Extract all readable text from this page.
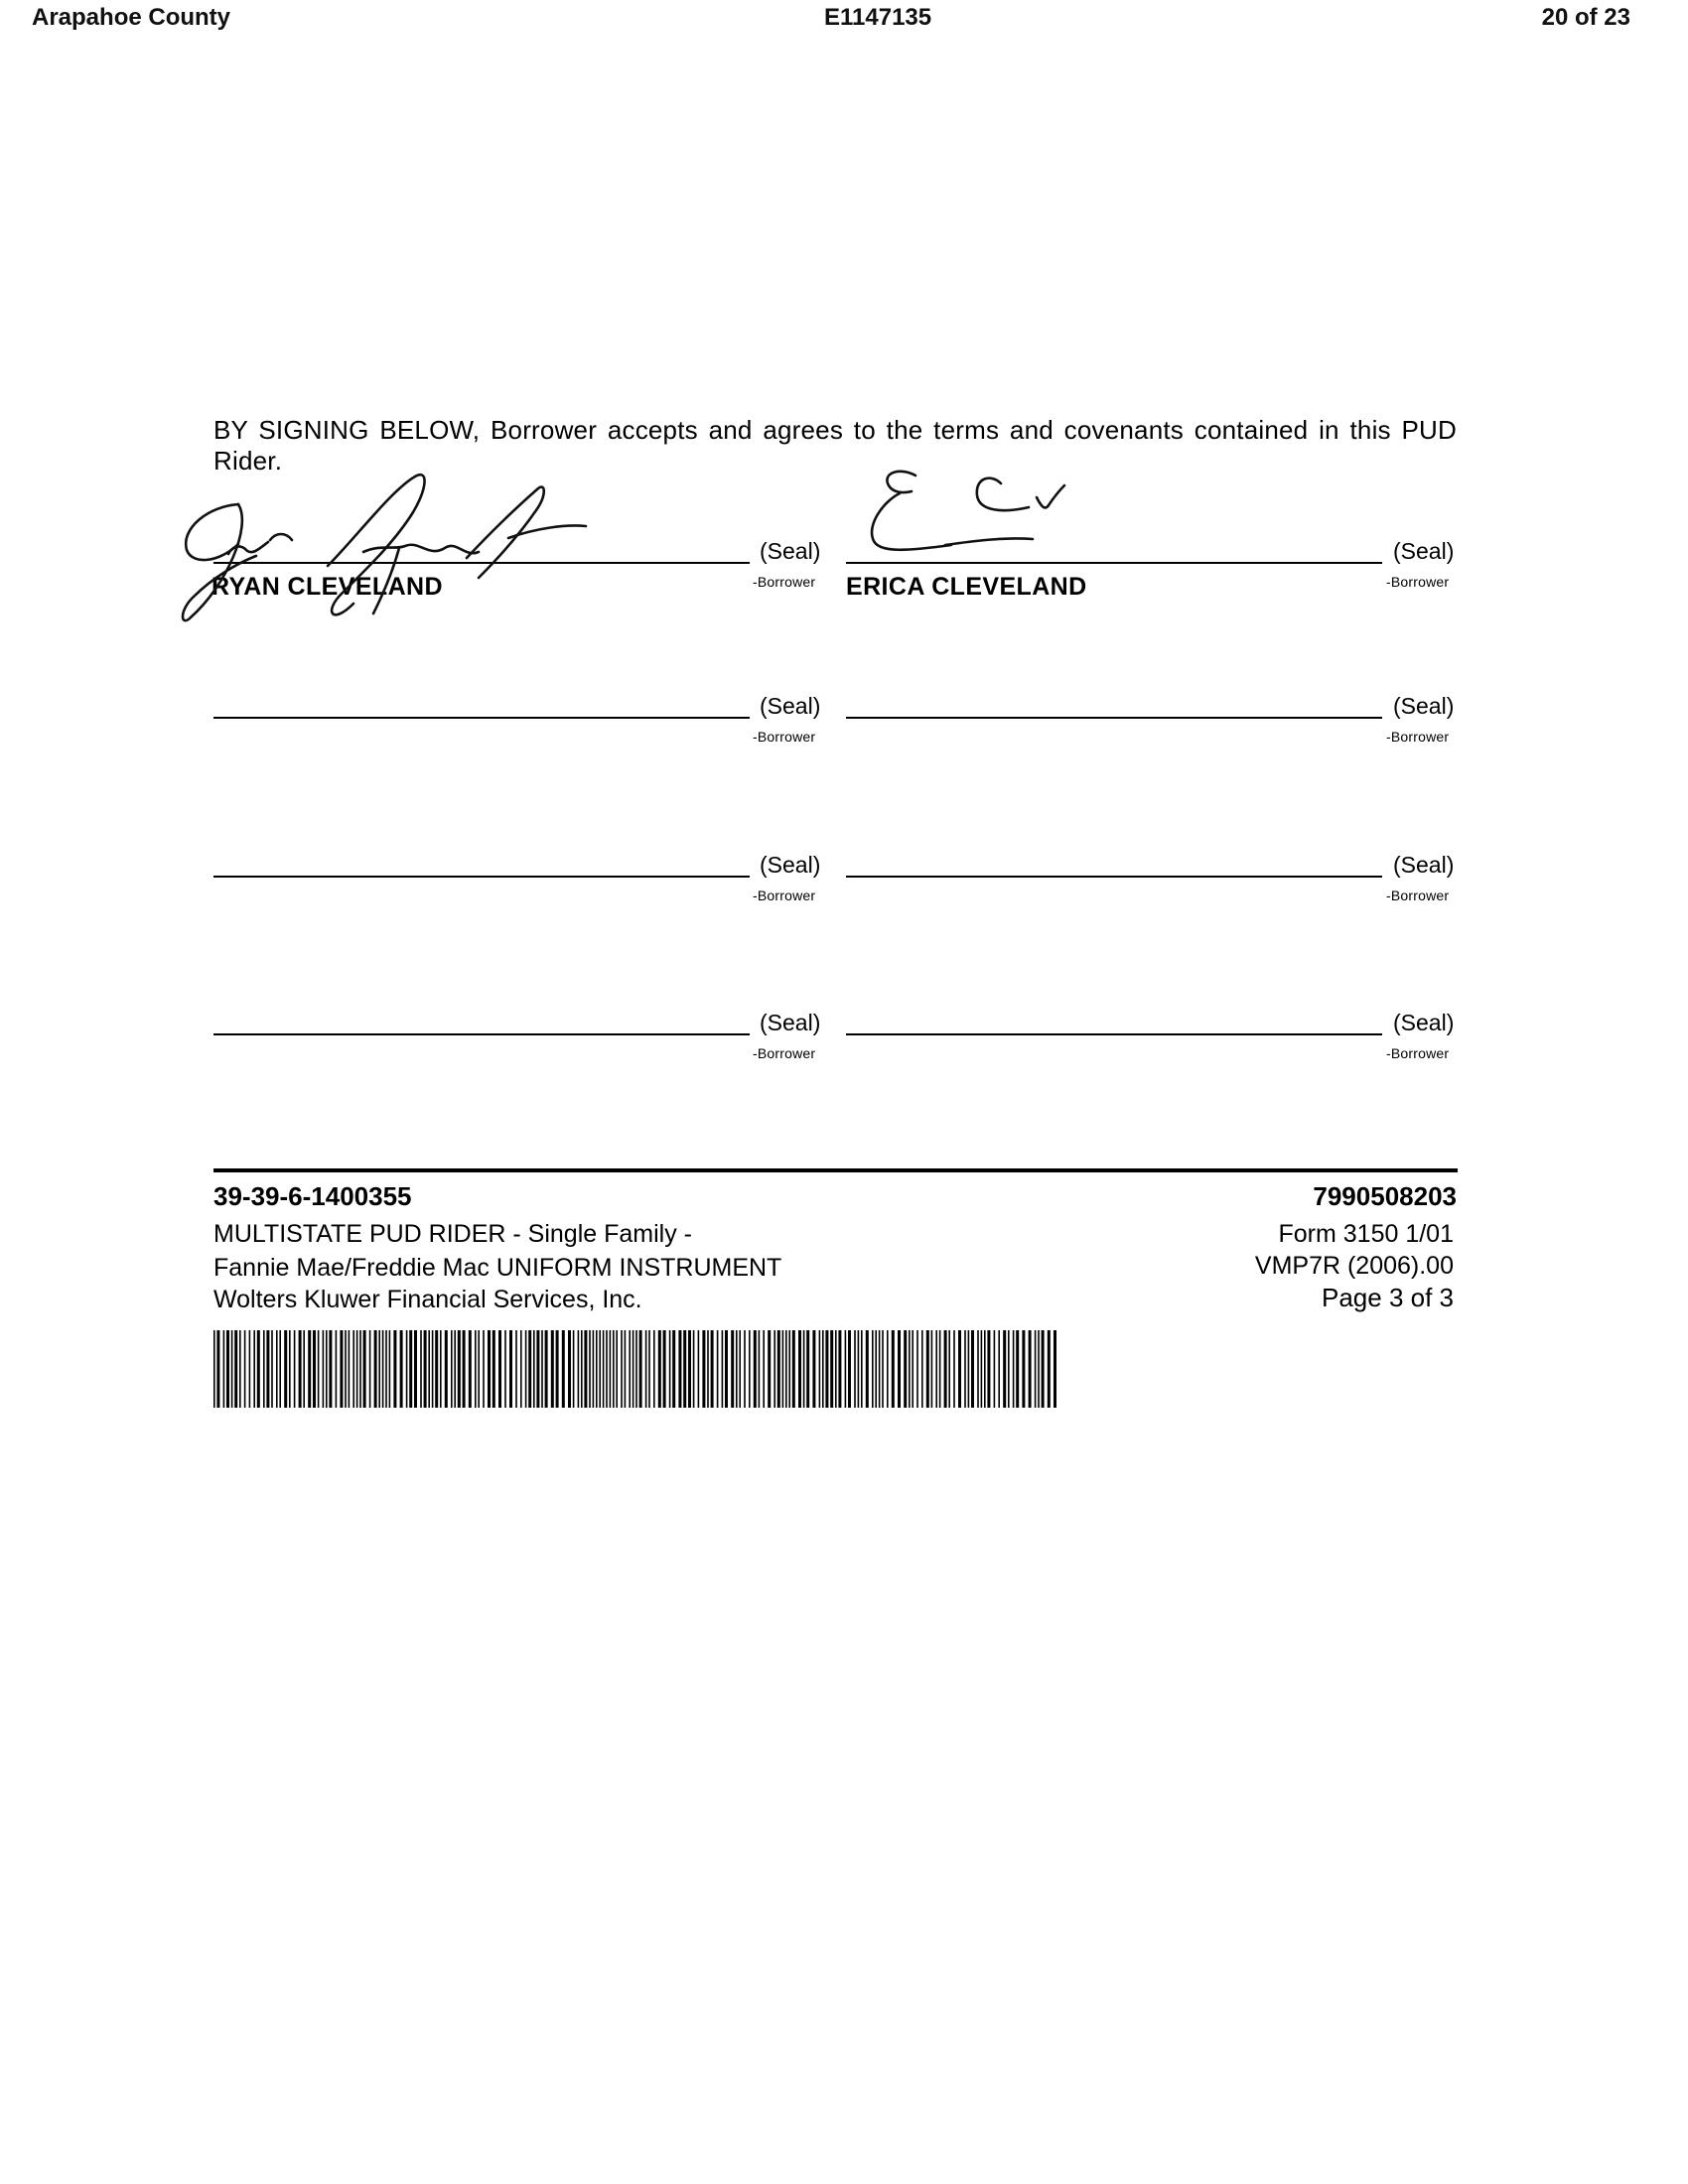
Arapahoe County	E1147135	20 of 23
BY SIGNING BELOW, Borrower accepts and agrees to the terms and covenants contained in this PUD Rider.
(Seal)
-Borrower
RYAN CLEVELAND
(Seal)
-Borrower
ERICA CLEVELAND
(Seal)
-Borrower
(Seal)
-Borrower
(Seal)
-Borrower
(Seal)
-Borrower
(Seal)
-Borrower
(Seal)
-Borrower
39-39-6-1400355	7990508203
MULTISTATE PUD RIDER - Single Family -
Fannie Mae/Freddie Mac UNIFORM INSTRUMENT
Wolters Kluwer Financial Services, Inc.
Form 3150 1/01
VMP7R (2006).00
Page 3 of 3
